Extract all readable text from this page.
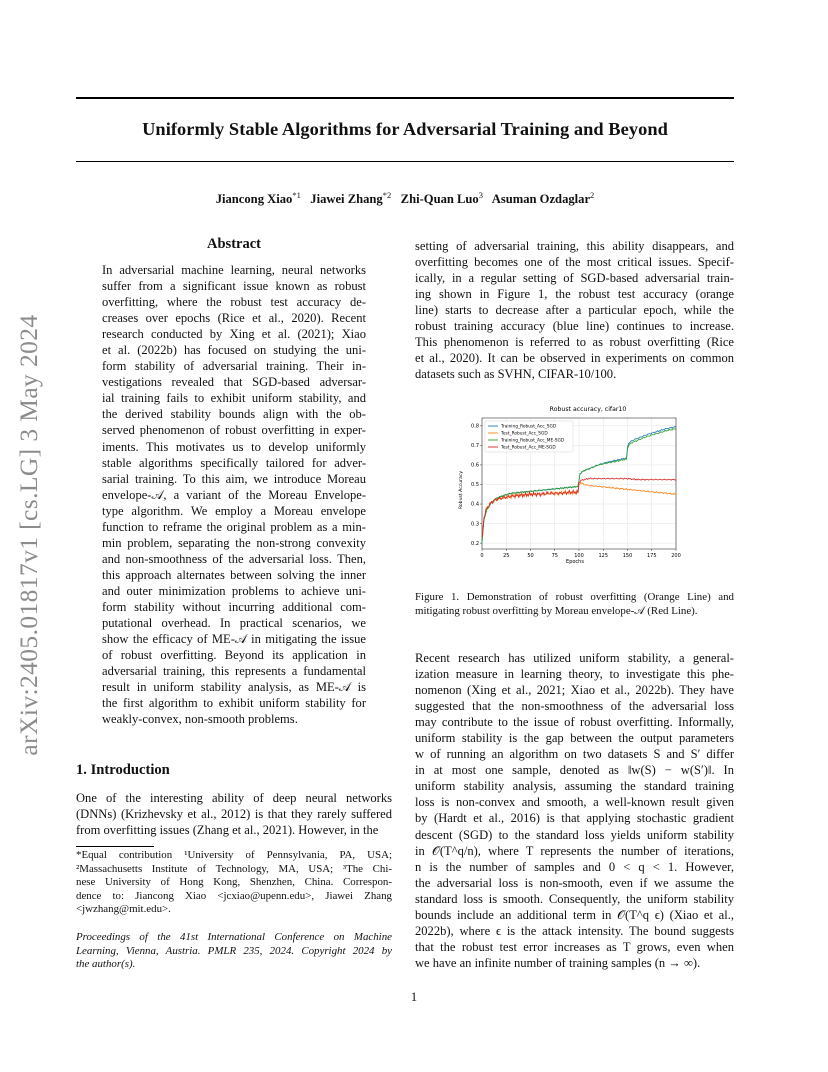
Uniformly Stable Algorithms for Adversarial Training and Beyond
Jiancong Xiao$^{*1}$ Jiawei Zhang$^{*2}$ Zhi-Quan Luo$^3$ Asuman Ozdaglar$^2$
arXiv:2405.01817v1 [cs.LG] 3 May 2024
Abstract
In adversarial machine learning, neural networks
suffer from a significant issue known as robust
overfitting, where the robust test accuracy de-
creases over epochs (Rice et al., 2020). Recent
research conducted by Xing et al. (2021); Xiao
et al. (2022b) has focused on studying the uni-
form stability of adversarial training. Their in-
vestigations revealed that SGD-based adversar-
ial training fails to exhibit uniform stability, and
the derived stability bounds align with the ob-
served phenomenon of robust overfitting in exper-
iments. This motivates us to develop uniformly
stable algorithms specifically tailored for adver-
sarial training. To this aim, we introduce Moreau
envelope-𝒜, a variant of the Moreau Envelope-
type algorithm. We employ a Moreau envelope
function to reframe the original problem as a min-
min problem, separating the non-strong convexity
and non-smoothness of the adversarial loss. Then,
this approach alternates between solving the inner
and outer minimization problems to achieve uni-
form stability without incurring additional com-
putational overhead. In practical scenarios, we
show the efficacy of ME-𝒜 in mitigating the issue
of robust overfitting. Beyond its application in
adversarial training, this represents a fundamental
result in uniform stability analysis, as ME-𝒜 is
the first algorithm to exhibit uniform stability for
weakly-convex, non-smooth problems.
1. Introduction
One of the interesting ability of deep neural networks
(DNNs) (Krizhevsky et al., 2012) is that they rarely suffered
from overfitting issues (Zhang et al., 2021). However, in the
*Equal contribution ¹University of Pennsylvania, PA, USA;
²Massachusetts Institute of Technology, MA, USA; ³The Chi-
nese University of Hong Kong, Shenzhen, China. Correspon-
dence to: Jiancong Xiao <jcxiao@upenn.edu>, Jiawei Zhang
<jwzhang@mit.edu>.
Proceedings of the 41st International Conference on Machine
Learning, Vienna, Austria. PMLR 235, 2024. Copyright 2024 by
the author(s).
setting of adversarial training, this ability disappears, and
overfitting becomes one of the most critical issues. Specif-
ically, in a regular setting of SGD-based adversarial train-
ing shown in Figure 1, the robust test accuracy (orange
line) starts to decrease after a particular epoch, while the
robust training accuracy (blue line) continues to increase.
This phenomenon is referred to as robust overfitting (Rice
et al., 2020). It can be observed in experiments on common
datasets such as SVHN, CIFAR-10/100.
0	25	50	75	100	125	150	175	200
0.2
0.3
0.4
0.5
0.6
0.7
0.8
Robust accuracy, cifar10
Epochs
Robust Accuracy
Training_Robust_Acc_SGD
Test_Robust_Acc_SGD
Training_Robust_Acc_ME-SGD
Test_Robust_Acc_ME-SGD
Figure 1. Demonstration of robust overfitting (Orange Line) and
mitigating robust overfitting by Moreau envelope-𝒜 (Red Line).
Recent research has utilized uniform stability, a general-
ization measure in learning theory, to investigate this phe-
nomenon (Xing et al., 2021; Xiao et al., 2022b). They have
suggested that the non-smoothness of the adversarial loss
may contribute to the issue of robust overfitting. Informally,
uniform stability is the gap between the output parameters
w of running an algorithm on two datasets S and S′ differ
in at most one sample, denoted as ‖w(S) − w(S′)‖. In
uniform stability analysis, assuming the standard training
loss is non-convex and smooth, a well-known result given
by (Hardt et al., 2016) is that applying stochastic gradient
descent (SGD) to the standard loss yields uniform stability
in 𝒪(T^q/n), where T represents the number of iterations,
n is the number of samples and 0 < q < 1. However,
the adversarial loss is non-smooth, even if we assume the
standard loss is smooth. Consequently, the uniform stability
bounds include an additional term in 𝒪(T^q ϵ) (Xiao et al.,
2022b), where ϵ is the attack intensity. The bound suggests
that the robust test error increases as T grows, even when
we have an infinite number of training samples (n → ∞).
1
